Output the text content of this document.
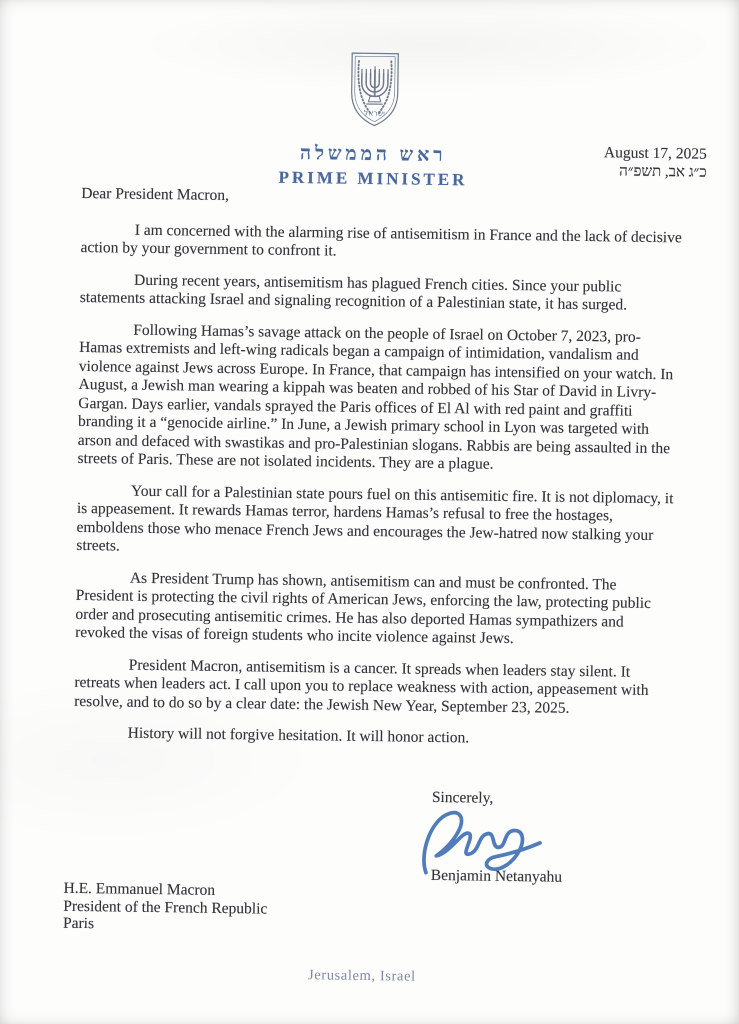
ישראל
ראש הממשלה
PRIME MINISTER
August 17, 2025
כ״ג אב, תשפ״ה
Dear President Macron,

I am concerned with the alarming rise of antisemitism in France and the lack of decisive action by your government to confront it.

During recent years, antisemitism has plagued French cities. Since your public statements attacking Israel and signaling recognition of a Palestinian state, it has surged.

Following Hamas’s savage attack on the people of Israel on October 7, 2023, pro-Hamas extremists and left-wing radicals began a campaign of intimidation, vandalism and violence against Jews across Europe. In France, that campaign has intensified on your watch. In August, a Jewish man wearing a kippah was beaten and robbed of his Star of David in Livry-Gargan. Days earlier, vandals sprayed the Paris offices of El Al with red paint and graffiti branding it a “genocide airline.” In June, a Jewish primary school in Lyon was targeted with arson and defaced with swastikas and pro-Palestinian slogans. Rabbis are being assaulted in the streets of Paris. These are not isolated incidents. They are a plague.

Your call for a Palestinian state pours fuel on this antisemitic fire. It is not diplomacy, it is appeasement. It rewards Hamas terror, hardens Hamas’s refusal to free the hostages, emboldens those who menace French Jews and encourages the Jew-hatred now stalking your streets.

As President Trump has shown, antisemitism can and must be confronted. The President is protecting the civil rights of American Jews, enforcing the law, protecting public order and prosecuting antisemitic crimes. He has also deported Hamas sympathizers and revoked the visas of foreign students who incite violence against Jews.

President Macron, antisemitism is a cancer. It spreads when leaders stay silent. It retreats when leaders act. I call upon you to replace weakness with action, appeasement with resolve, and to do so by a clear date: the Jewish New Year, September 23, 2025.

History will not forgive hesitation. It will honor action.

Sincerely,
Benjamin Netanyahu
H.E. Emmanuel Macron
President of the French Republic
Paris
Jerusalem, Israel
